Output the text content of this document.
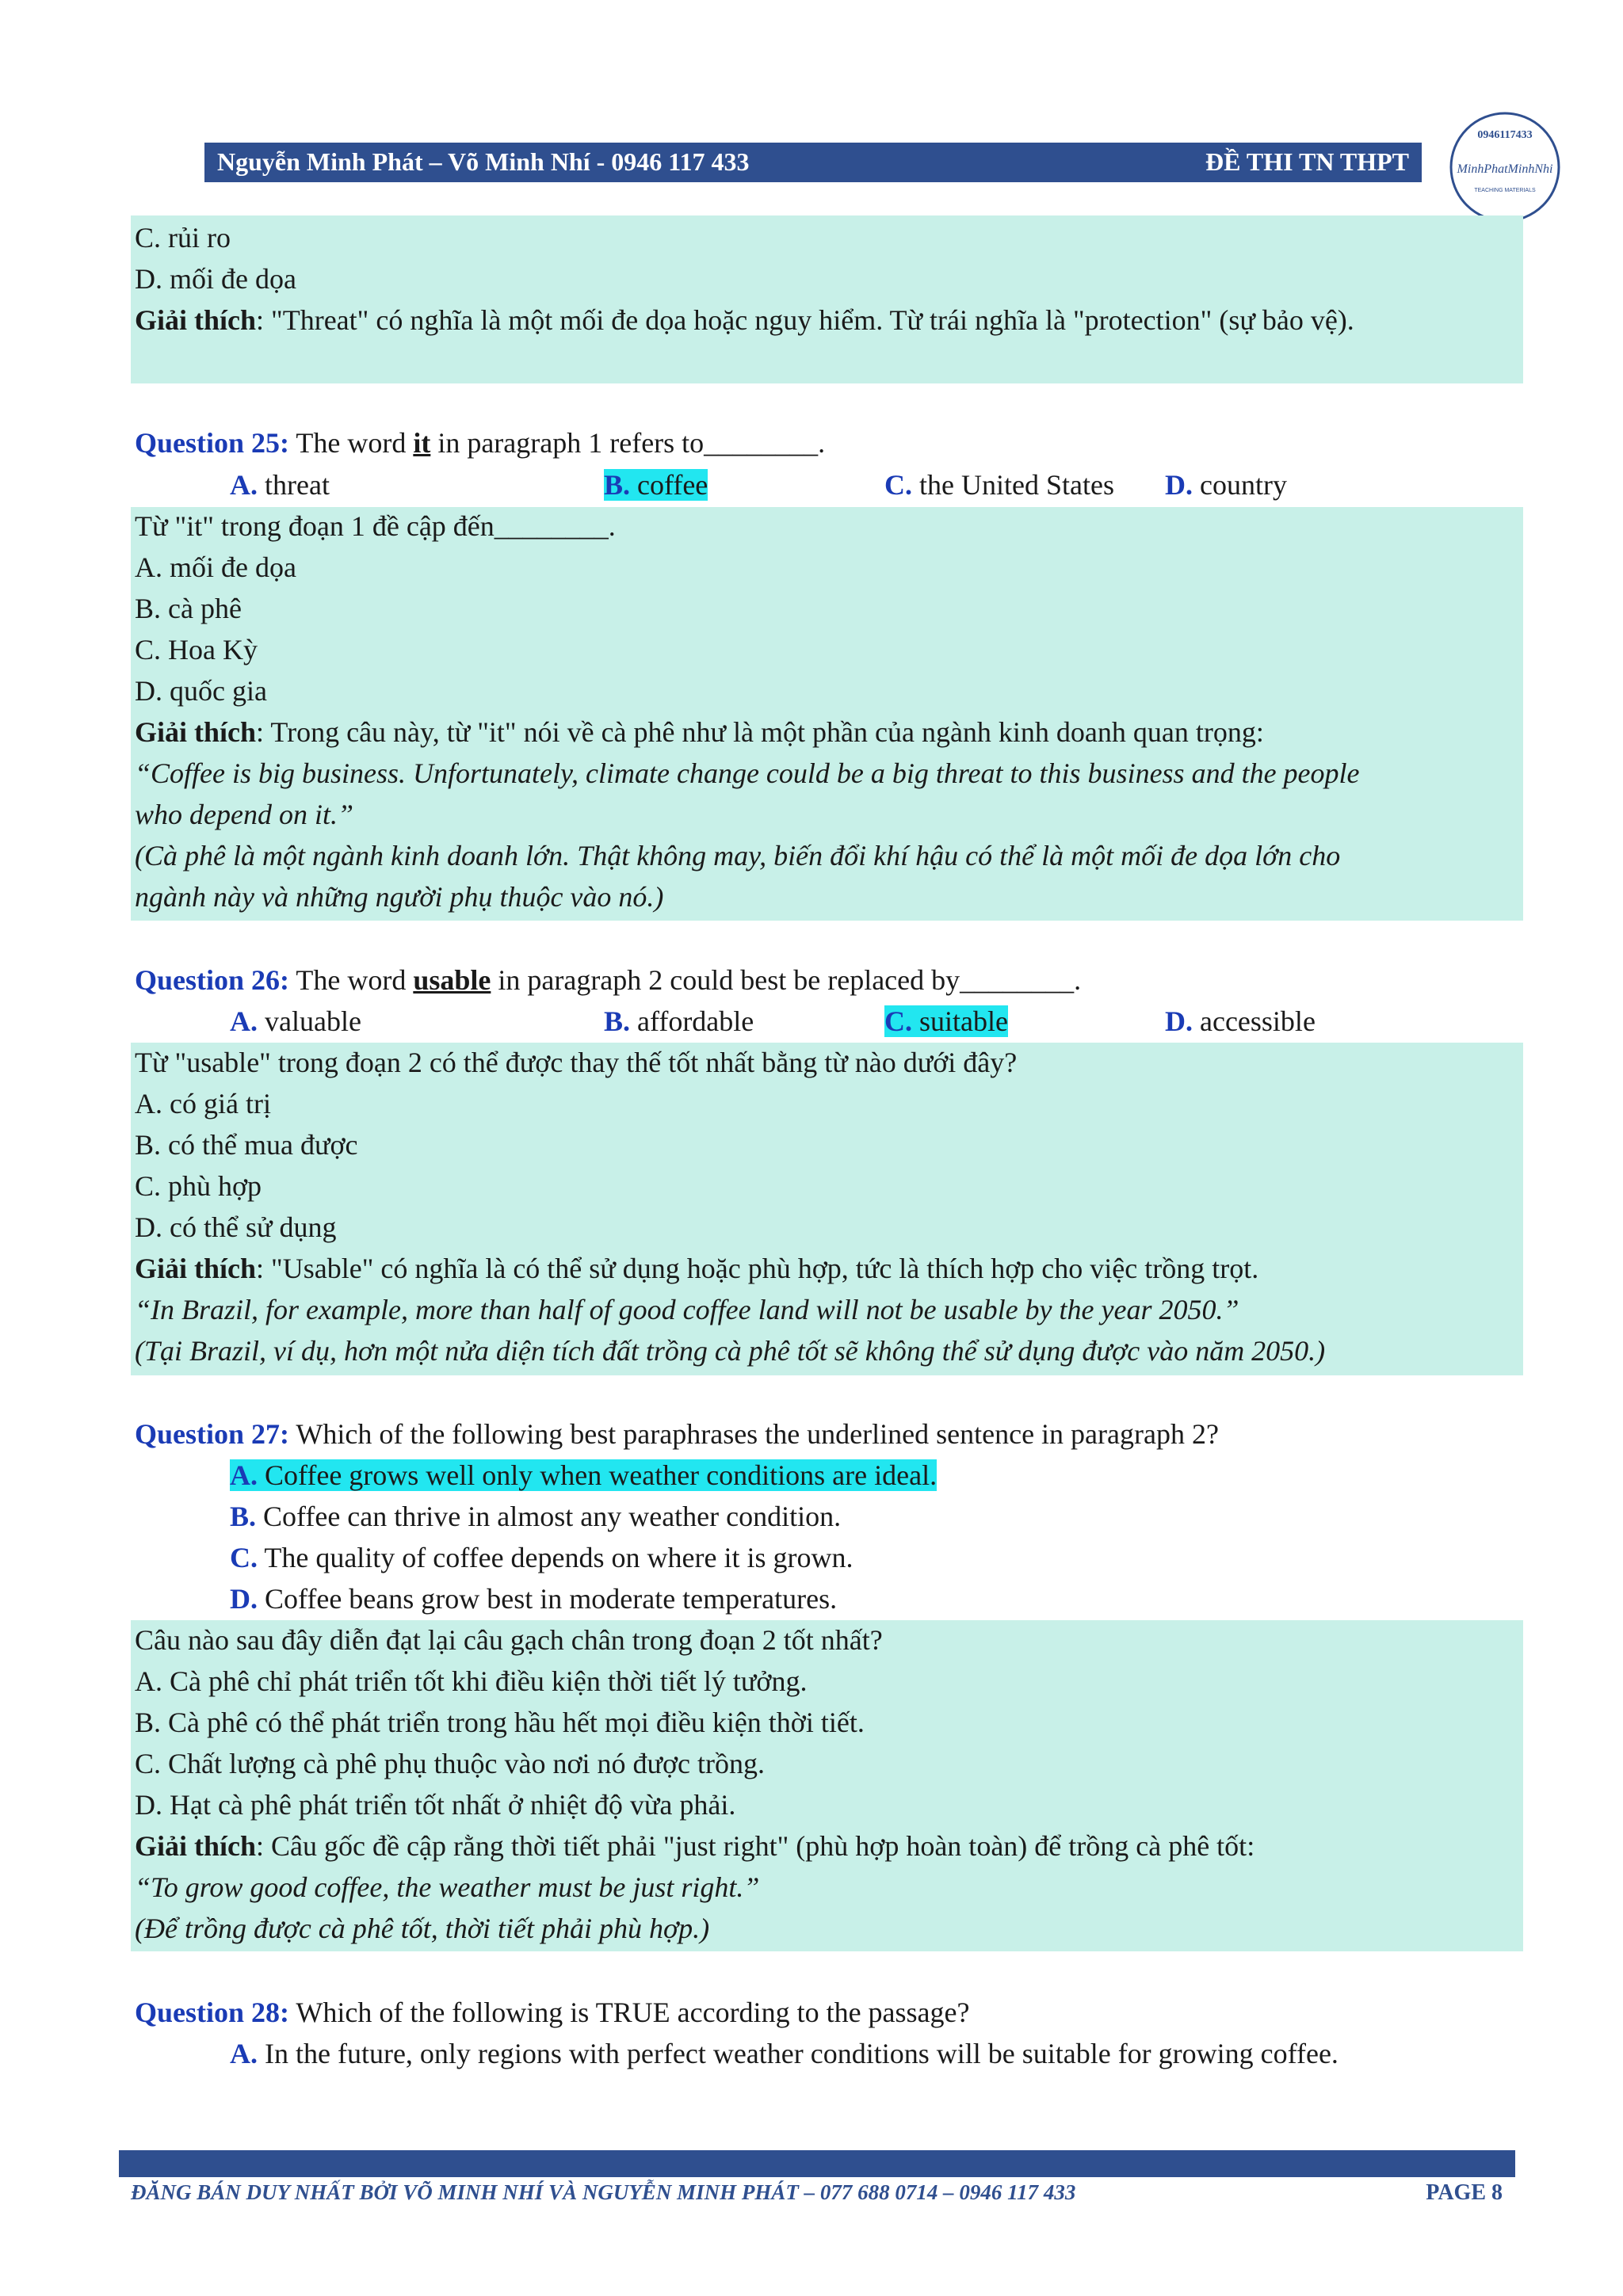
Nguyễn Minh Phát – Võ Minh Nhí - 0946 117 433	ĐỀ THI TN THPT
0946117433
MinhPhatMinhNhi
TEACHING MATERIALS
C. rủi ro
D. mối đe dọa
Giải thích: "Threat" có nghĩa là một mối đe dọa hoặc nguy hiểm. Từ trái nghĩa là "protection" (sự bảo vệ).
Question 25: The word it in paragraph 1 refers to________.
A. threat	B. coffee	C. the United States D. country
Từ "it" trong đoạn 1 đề cập đến________.
A. mối đe dọa
B. cà phê
C. Hoa Kỳ
D. quốc gia
Giải thích: Trong câu này, từ "it" nói về cà phê như là một phần của ngành kinh doanh quan trọng:
“Coffee is big business. Unfortunately, climate change could be a big threat to this business and the people
who depend on it.”
(Cà phê là một ngành kinh doanh lớn. Thật không may, biến đổi khí hậu có thể là một mối đe dọa lớn cho
ngành này và những người phụ thuộc vào nó.)
Question 26: The word usable in paragraph 2 could best be replaced by________.
A. valuable	B. affordable	C. suitable	D. accessible
Từ "usable" trong đoạn 2 có thể được thay thế tốt nhất bằng từ nào dưới đây?
A. có giá trị
B. có thể mua được
C. phù hợp
D. có thể sử dụng
Giải thích: "Usable" có nghĩa là có thể sử dụng hoặc phù hợp, tức là thích hợp cho việc trồng trọt.
“In Brazil, for example, more than half of good coffee land will not be usable by the year 2050.”
(Tại Brazil, ví dụ, hơn một nửa diện tích đất trồng cà phê tốt sẽ không thể sử dụng được vào năm 2050.)
Question 27: Which of the following best paraphrases the underlined sentence in paragraph 2?
A. Coffee grows well only when weather conditions are ideal.
B. Coffee can thrive in almost any weather condition.
C. The quality of coffee depends on where it is grown.
D. Coffee beans grow best in moderate temperatures.
Câu nào sau đây diễn đạt lại câu gạch chân trong đoạn 2 tốt nhất?
A. Cà phê chỉ phát triển tốt khi điều kiện thời tiết lý tưởng.
B. Cà phê có thể phát triển trong hầu hết mọi điều kiện thời tiết.
C. Chất lượng cà phê phụ thuộc vào nơi nó được trồng.
D. Hạt cà phê phát triển tốt nhất ở nhiệt độ vừa phải.
Giải thích: Câu gốc đề cập rằng thời tiết phải "just right" (phù hợp hoàn toàn) để trồng cà phê tốt:
“To grow good coffee, the weather must be just right.”
(Để trồng được cà phê tốt, thời tiết phải phù hợp.)
Question 28: Which of the following is TRUE according to the passage?
A. In the future, only regions with perfect weather conditions will be suitable for growing coffee.
ĐĂNG BÁN DUY NHẤT BỞI VÕ MINH NHÍ VÀ NGUYỄN MINH PHÁT – 077 688 0714 – 0946 117 433	PAGE 8
